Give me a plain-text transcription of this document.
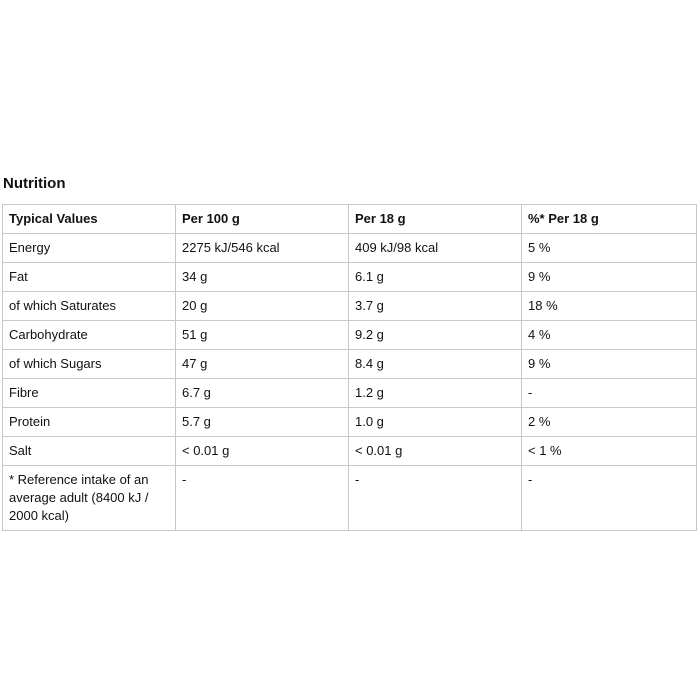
Nutrition
Typical Values	Per 100 g	Per 18 g	%* Per 18 g
Energy	2275 kJ/546 kcal	409 kJ/98 kcal	5 %
Fat	34 g	6.1 g	9 %
of which Saturates	20 g	3.7 g	18 %
Carbohydrate	51 g	9.2 g	4 %
of which Sugars	47 g	8.4 g	9 %
Fibre	6.7 g	1.2 g	-
Protein	5.7 g	1.0 g	2 %
Salt	< 0.01 g	< 0.01 g	< 1 %
* Reference intake of an average adult (8400 kJ / 2000 kcal)	-	-	-
